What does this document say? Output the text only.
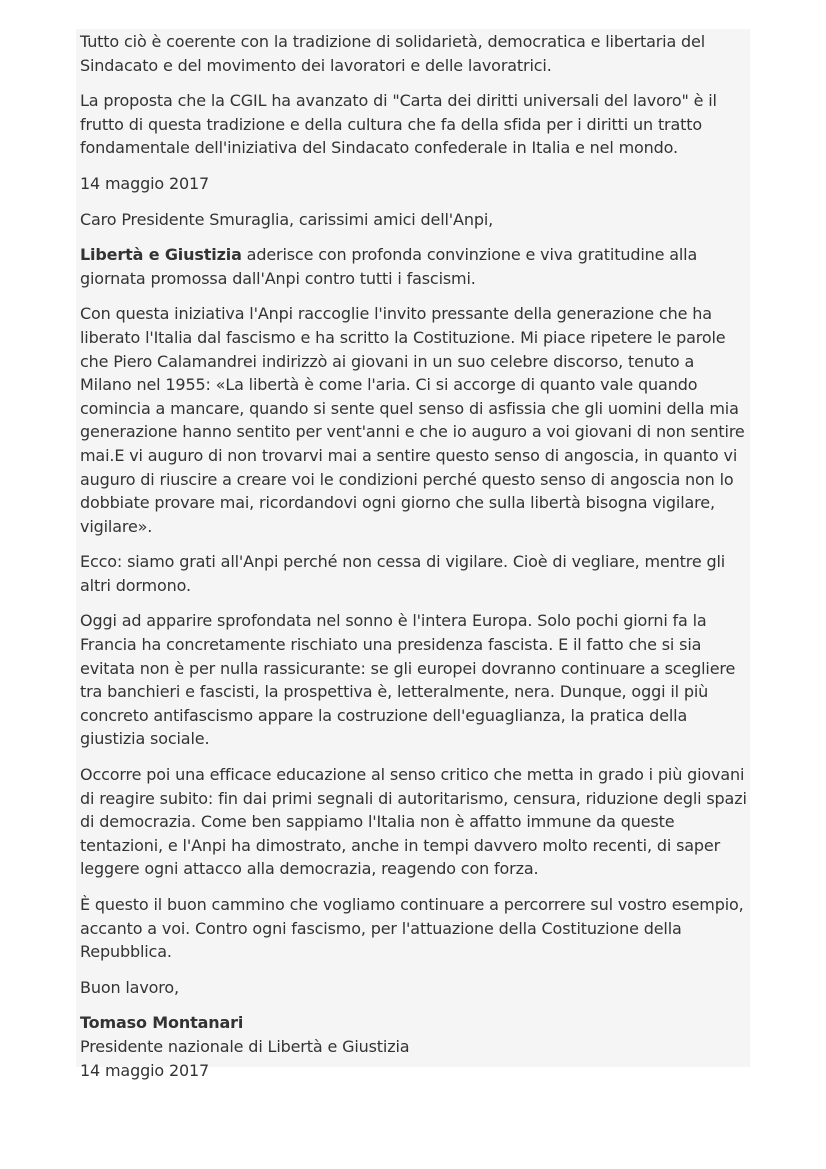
Tutto ciò è coerente con la tradizione di solidarietà, democratica e libertaria del Sindacato e del movimento dei lavoratori e delle lavoratrici.

La proposta che la CGIL ha avanzato di "Carta dei diritti universali del lavoro" è il frutto di questa tradizione e della cultura che fa della sfida per i diritti un tratto fondamentale dell'iniziativa del Sindacato confederale in Italia e nel mondo.

14 maggio 2017

Caro Presidente Smuraglia, carissimi amici dell'Anpi,

Libertà e Giustizia aderisce con profonda convinzione e viva gratitudine alla giornata promossa dall'Anpi contro tutti i fascismi.

Con questa iniziativa l'Anpi raccoglie l'invito pressante della generazione che ha liberato l'Italia dal fascismo e ha scritto la Costituzione. Mi piace ripetere le parole che Piero Calamandrei indirizzò ai giovani in un suo celebre discorso, tenuto a Milano nel 1955: «La libertà è come l'aria. Ci si accorge di quanto vale quando comincia a mancare, quando si sente quel senso di asfissia che gli uomini della mia generazione hanno sentito per vent'anni e che io auguro a voi giovani di non sentire mai.E vi auguro di non trovarvi mai a sentire questo senso di angoscia, in quanto vi auguro di riuscire a creare voi le condizioni perché questo senso di angoscia non lo dobbiate provare mai, ricordandovi ogni giorno che sulla libertà bisogna vigilare, vigilare».

Ecco: siamo grati all'Anpi perché non cessa di vigilare. Cioè di vegliare, mentre gli altri dormono.

Oggi ad apparire sprofondata nel sonno è l'intera Europa. Solo pochi giorni fa la Francia ha concretamente rischiato una presidenza fascista. E il fatto che si sia evitata non è per nulla rassicurante: se gli europei dovranno continuare a scegliere tra banchieri e fascisti, la prospettiva è, letteralmente, nera. Dunque, oggi il più concreto antifascismo appare la costruzione dell'eguaglianza, la pratica della giustizia sociale.

Occorre poi una efficace educazione al senso critico che metta in grado i più giovani di reagire subito: fin dai primi segnali di autoritarismo, censura, riduzione degli spazi di democrazia. Come ben sappiamo l'Italia non è affatto immune da queste tentazioni, e l'Anpi ha dimostrato, anche in tempi davvero molto recenti, di saper leggere ogni attacco alla democrazia, reagendo con forza.

È questo il buon cammino che vogliamo continuare a percorrere sul vostro esempio, accanto a voi. Contro ogni fascismo, per l'attuazione della Costituzione della Repubblica.

Buon lavoro,

Tomaso Montanari
Presidente nazionale di Libertà e Giustizia
14 maggio 2017
